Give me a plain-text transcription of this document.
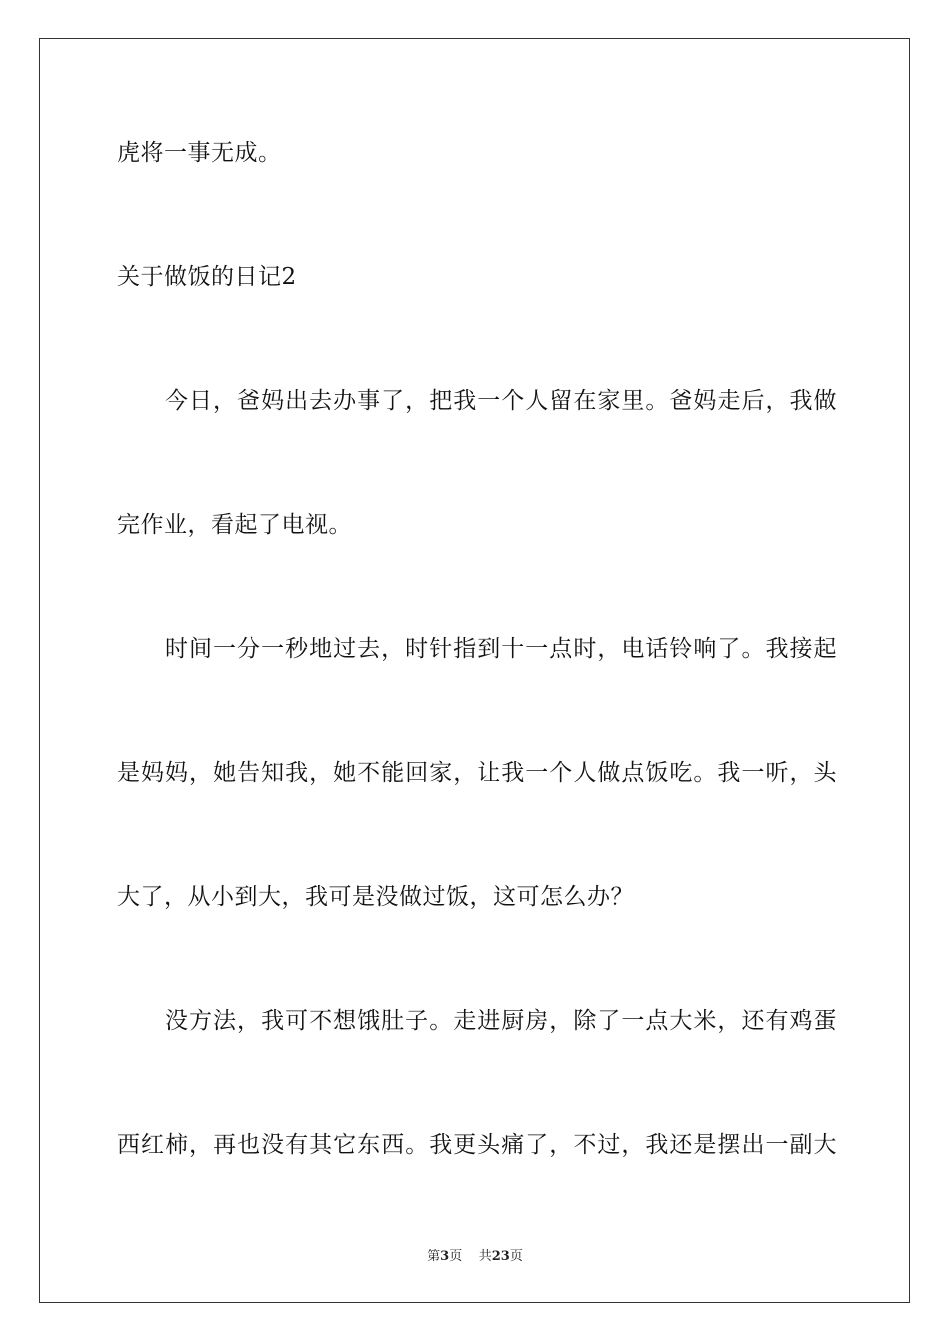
虎将一事无成。
关于做饭的日记2
今日，爸妈出去办事了，把我一个人留在家里。爸妈走后，我做
完作业，看起了电视。
时间一分一秒地过去，时针指到十一点时，电话铃响了。我接起
是妈妈，她告知我，她不能回家，让我一个人做点饭吃。我一听，头
大了，从小到大，我可是没做过饭，这可怎么办？
没方法，我可不想饿肚子。走进厨房，除了一点大米，还有鸡蛋
西红柿，再也没有其它东西。我更头痛了，不过，我还是摆出一副大
第3页 共23页
